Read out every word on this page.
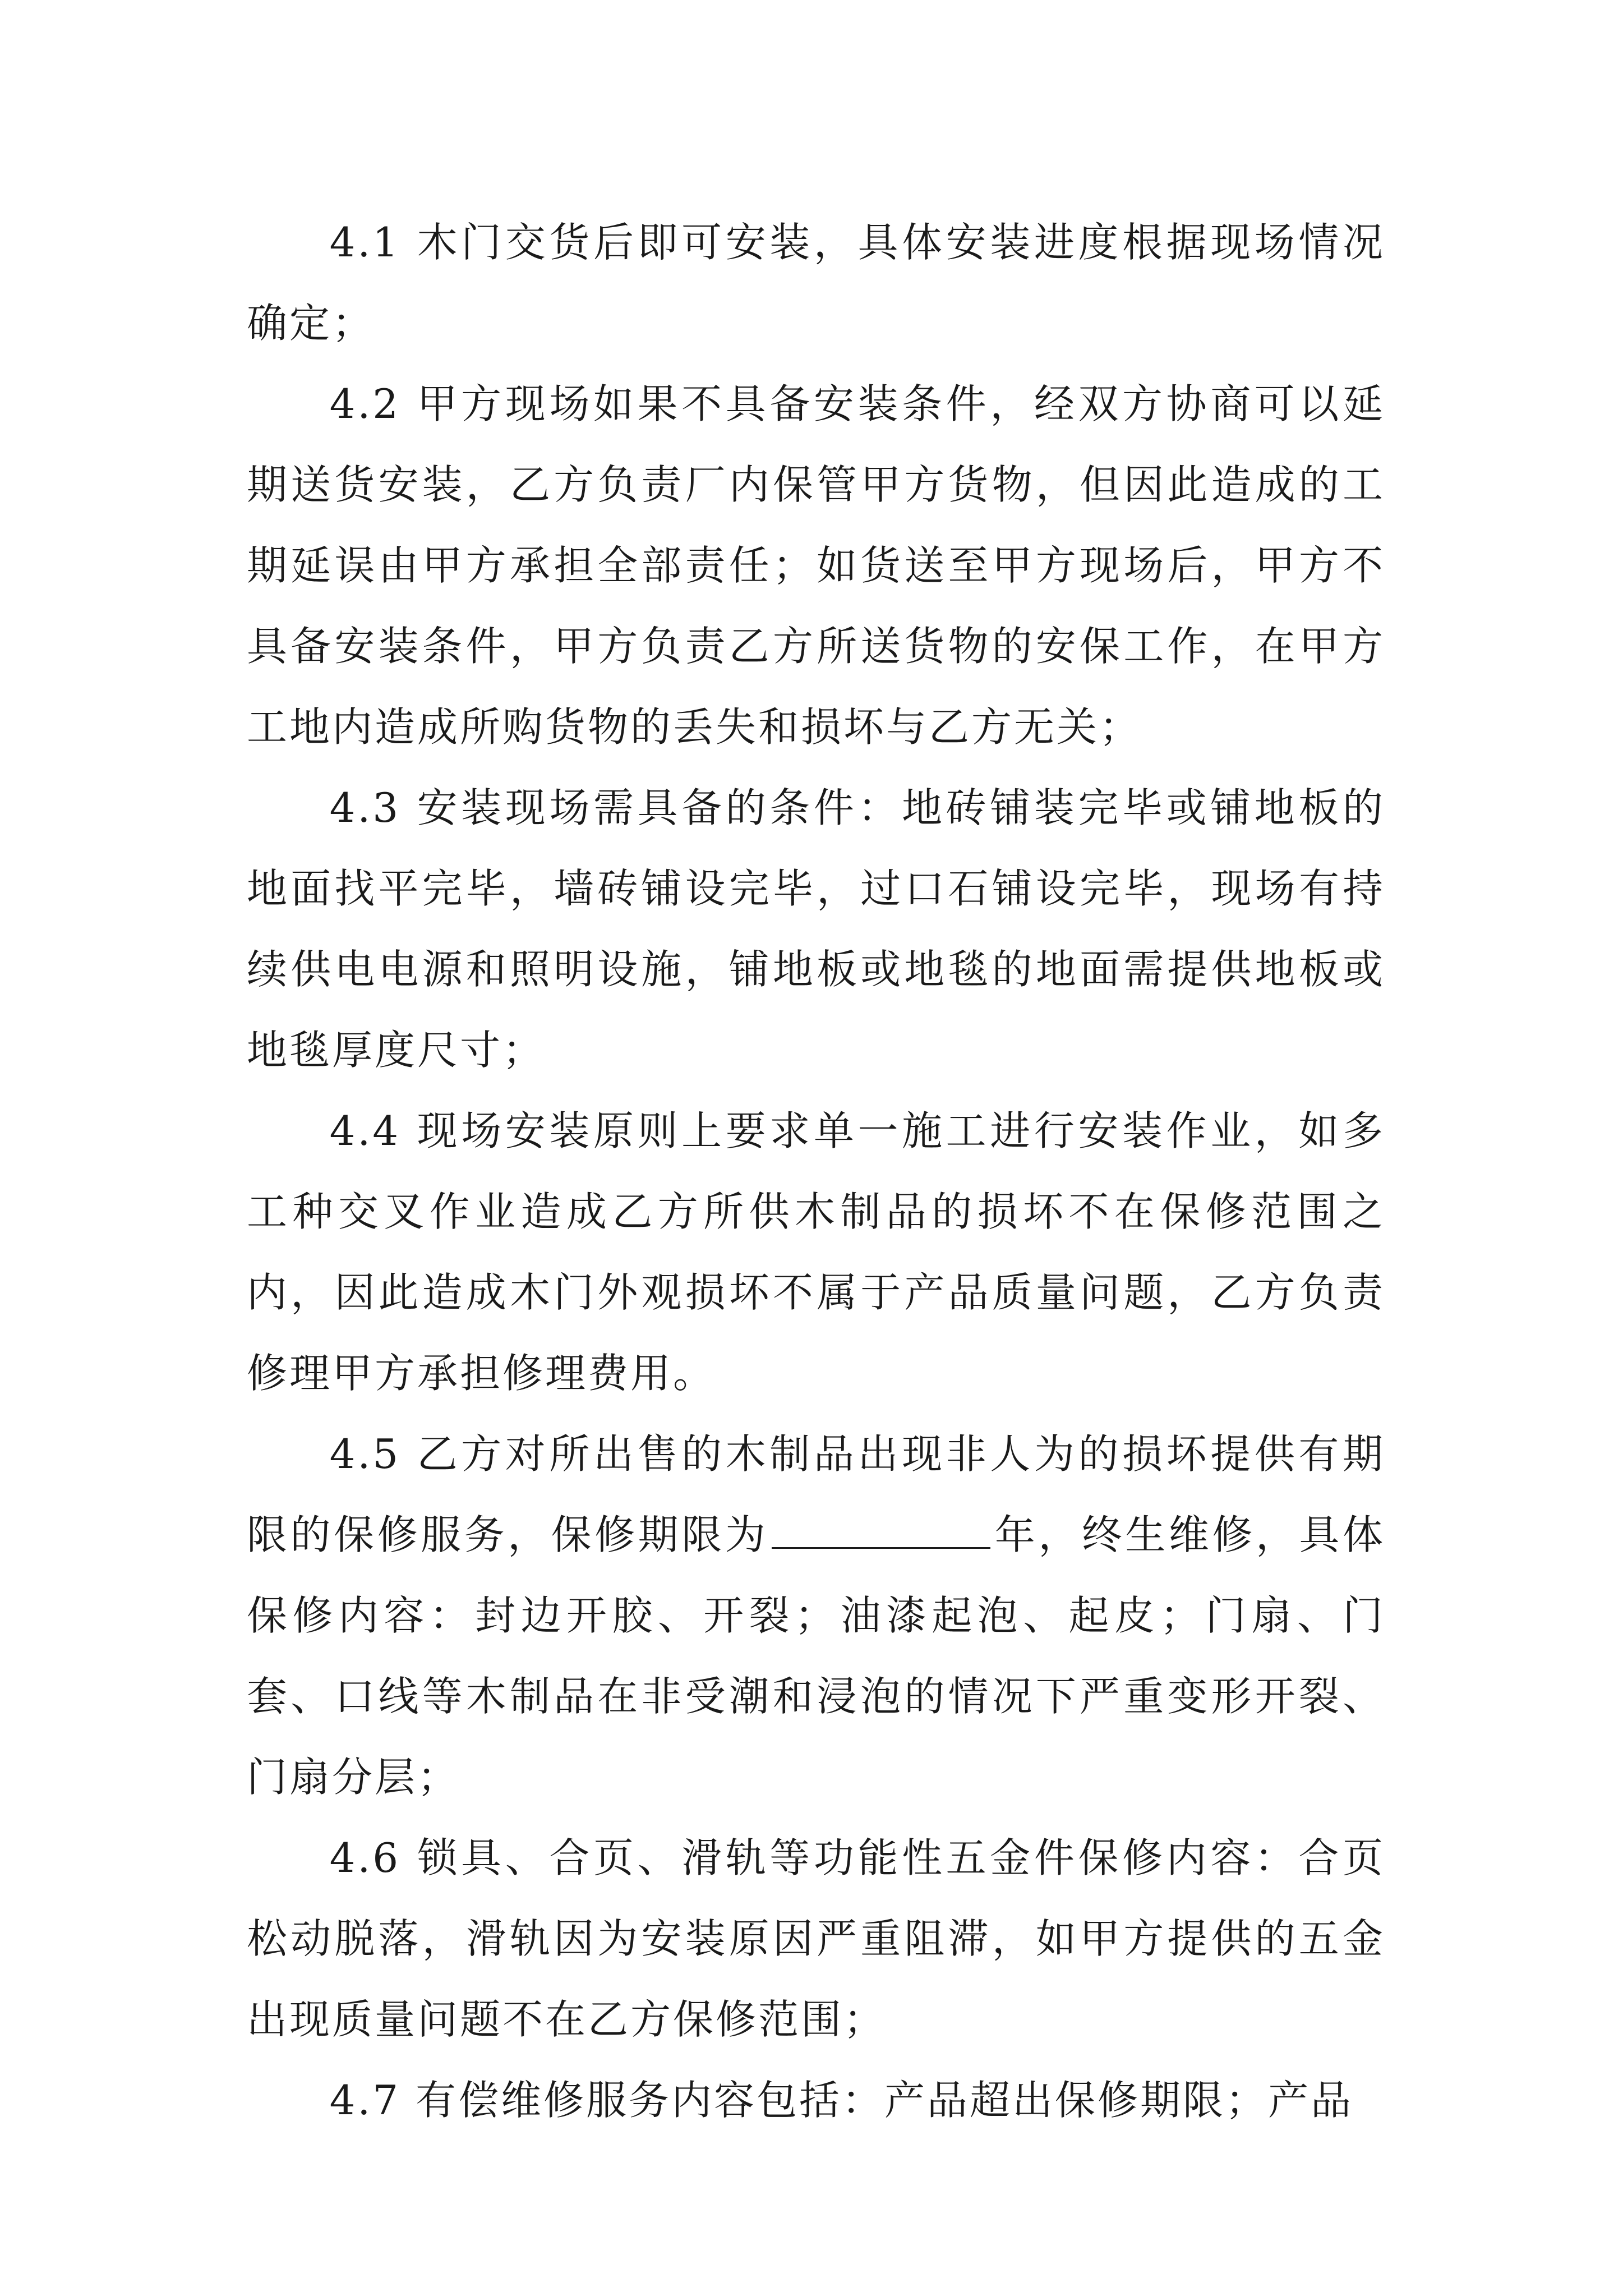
4.1 木门交货后即可安装，具体安装进度根据现场情况确定；

4.2 甲方现场如果不具备安装条件，经双方协商可以延期送货安装，乙方负责厂内保管甲方货物，但因此造成的工期延误由甲方承担全部责任；如货送至甲方现场后，甲方不具备安装条件，甲方负责乙方所送货物的安保工作，在甲方工地内造成所购货物的丢失和损坏与乙方无关；

4.3 安装现场需具备的条件：地砖铺装完毕或铺地板的地面找平完毕，墙砖铺设完毕，过口石铺设完毕，现场有持续供电电源和照明设施，铺地板或地毯的地面需提供地板或地毯厚度尺寸；

4.4 现场安装原则上要求单一施工进行安装作业，如多工种交叉作业造成乙方所供木制品的损坏不在保修范围之内，因此造成木门外观损坏不属于产品质量问题，乙方负责修理甲方承担修理费用。

4.5 乙方对所出售的木制品出现非人为的损坏提供有期限的保修服务，保修期限为	年，终生维修，具体保修内容：封边开胶、开裂；油漆起泡、起皮；门扇、门套、口线等木制品在非受潮和浸泡的情况下严重变形开裂、门扇分层；

4.6 锁具、合页、滑轨等功能性五金件保修内容：合页松动脱落，滑轨因为安装原因严重阻滞，如甲方提供的五金出现质量问题不在乙方保修范围；

4.7 有偿维修服务内容包括：产品超出保修期限；产品
